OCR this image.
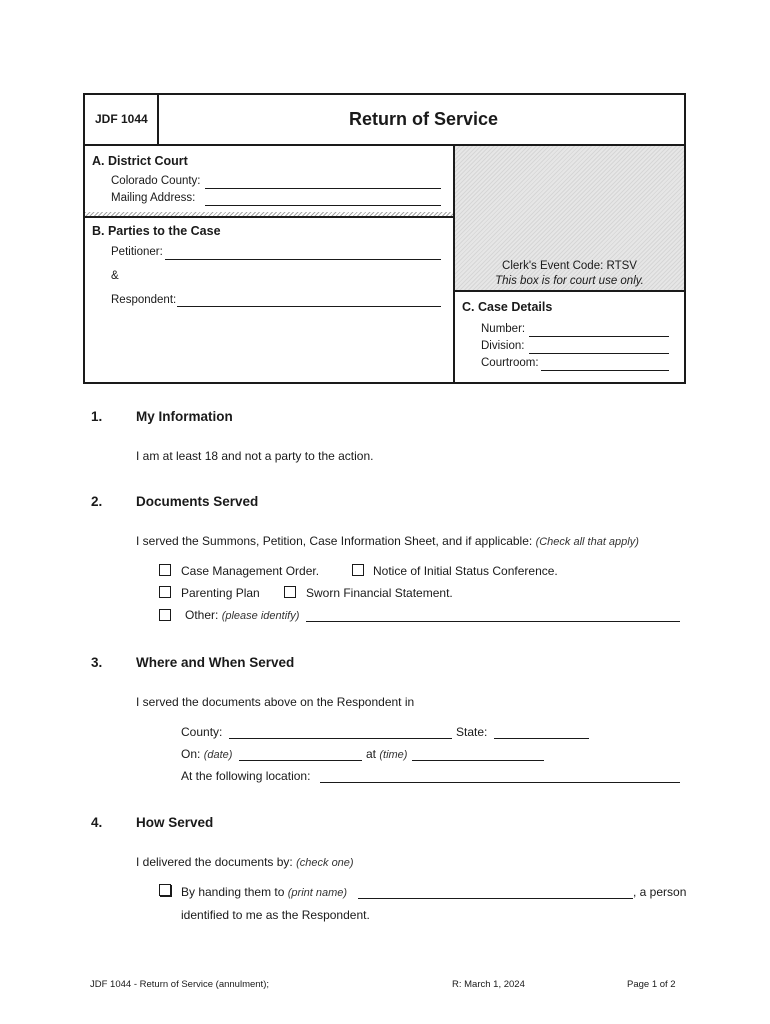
JDF 1044	Return of Service
A. District Court
Colorado County:
Mailing Address:
B. Parties to the Case
Petitioner:
&
Respondent:
Clerk's Event Code: RTSV
This box is for court use only.
C. Case Details
Number:
Division:
Courtroom:
1. My Information
I am at least 18 and not a party to the action.
2. Documents Served
I served the Summons, Petition, Case Information Sheet, and if applicable: (Check all that apply)
Case Management Order.	Notice of Initial Status Conference.
Parenting Plan	Sworn Financial Statement.
Other: (please identify)
3. Where and When Served
I served the documents above on the Respondent in
County:	State:
On: (date)	at (time)
At the following location:
4. How Served
I delivered the documents by: (check one)
By handing them to (print name)	, a person
identified to me as the Respondent.
JDF 1044 - Return of Service (annulment);	R: March 1, 2024	Page 1 of 2
